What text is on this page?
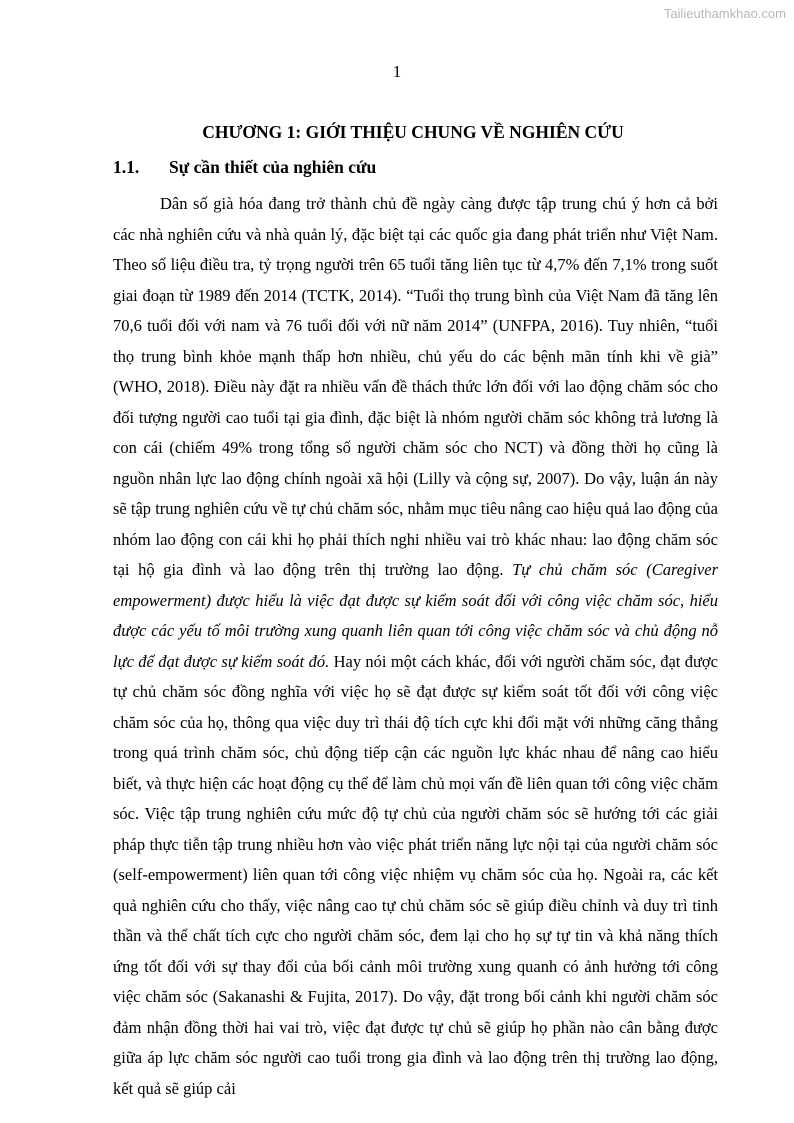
Tailieuthamkhao.com
1
CHƯƠNG 1: GIỚI THIỆU CHUNG VỀ NGHIÊN CỨU
1.1. Sự cần thiết của nghiên cứu

Dân số già hóa đang trở thành chủ đề ngày càng được tập trung chú ý hơn cả bởi các nhà nghiên cứu và nhà quản lý, đặc biệt tại các quốc gia đang phát triển như Việt Nam. Theo số liệu điều tra, tỷ trọng người trên 65 tuổi tăng liên tục từ 4,7% đến 7,1% trong suốt giai đoạn từ 1989 đến 2014 (TCTK, 2014). “Tuổi thọ trung bình của Việt Nam đã tăng lên 70,6 tuổi đối với nam và 76 tuổi đối với nữ năm 2014” (UNFPA, 2016). Tuy nhiên, “tuổi thọ trung bình khỏe mạnh thấp hơn nhiều, chủ yếu do các bệnh mãn tính khi về già” (WHO, 2018). Điều này đặt ra nhiều vấn đề thách thức lớn đối với lao động chăm sóc cho đối tượng người cao tuổi tại gia đình, đặc biệt là nhóm người chăm sóc không trả lương là con cái (chiếm 49% trong tổng số người chăm sóc cho NCT) và đồng thời họ cũng là nguồn nhân lực lao động chính ngoài xã hội (Lilly và cộng sự, 2007). Do vậy, luận án này sẽ tập trung nghiên cứu về tự chủ chăm sóc, nhằm mục tiêu nâng cao hiệu quả lao động của nhóm lao động con cái khi họ phải thích nghi nhiều vai trò khác nhau: lao động chăm sóc tại hộ gia đình và lao động trên thị trường lao động. Tự chủ chăm sóc (Caregiver empowerment) được hiểu là việc đạt được sự kiểm soát đối với công việc chăm sóc, hiểu được các yếu tố môi trường xung quanh liên quan tới công việc chăm sóc và chủ động nỗ lực để đạt được sự kiểm soát đó. Hay nói một cách khác, đối với người chăm sóc, đạt được tự chủ chăm sóc đồng nghĩa với việc họ sẽ đạt được sự kiểm soát tốt đối với công việc chăm sóc của họ, thông qua việc duy trì thái độ tích cực khi đối mặt với những căng thẳng trong quá trình chăm sóc, chủ động tiếp cận các nguồn lực khác nhau để nâng cao hiểu biết, và thực hiện các hoạt động cụ thể để làm chủ mọi vấn đề liên quan tới công việc chăm sóc. Việc tập trung nghiên cứu mức độ tự chủ của người chăm sóc sẽ hướng tới các giải pháp thực tiễn tập trung nhiều hơn vào việc phát triển năng lực nội tại của người chăm sóc (self-empowerment) liên quan tới công việc nhiệm vụ chăm sóc của họ. Ngoài ra, các kết quả nghiên cứu cho thấy, việc nâng cao tự chủ chăm sóc sẽ giúp điều chỉnh và duy trì tinh thần và thể chất tích cực cho người chăm sóc, đem lại cho họ sự tự tin và khả năng thích ứng tốt đối với sự thay đổi của bối cảnh môi trường xung quanh có ảnh hưởng tới công việc chăm sóc (Sakanashi & Fujita, 2017). Do vậy, đặt trong bối cảnh khi người chăm sóc đảm nhận đồng thời hai vai trò, việc đạt được tự chủ sẽ giúp họ phần nào cân bằng được giữa áp lực chăm sóc người cao tuổi trong gia đình và lao động trên thị trường lao động, kết quả sẽ giúp cải
